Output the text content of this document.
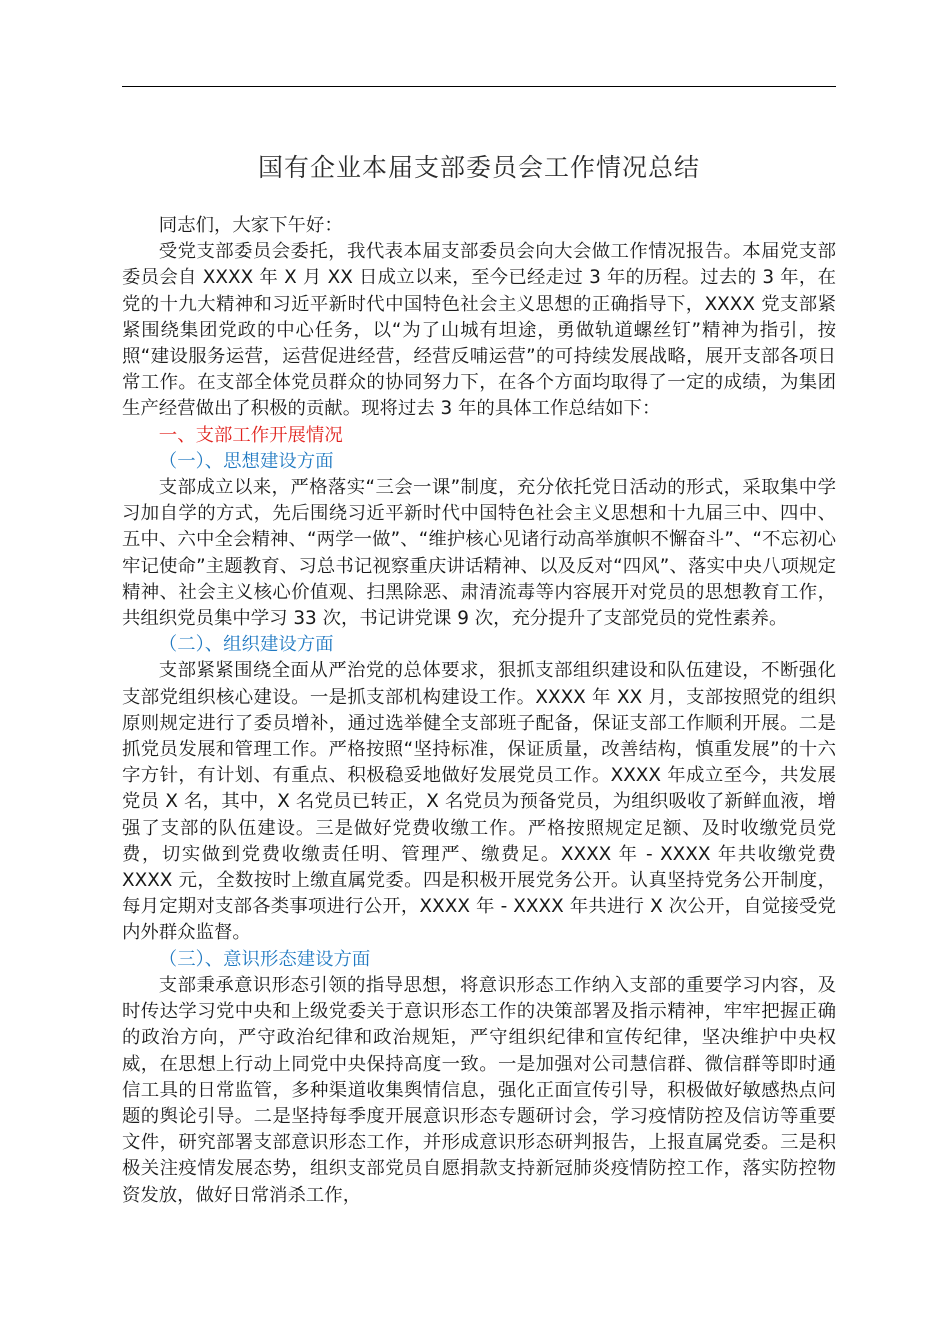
国有企业本届支部委员会工作情况总结

同志们，大家下午好：

受党支部委员会委托，我代表本届支部委员会向大会做工作情况报告。本届党支部委员会自 XXXX 年 X 月 XX 日成立以来，至今已经走过 3 年的历程。过去的 3 年，在党的十九大精神和习近平新时代中国特色社会主义思想的正确指导下，XXXX 党支部紧紧围绕集团党政的中心任务，以“为了山城有坦途，勇做轨道螺丝钉”精神为指引，按照“建设服务运营，运营促进经营，经营反哺运营”的可持续发展战略，展开支部各项日常工作。在支部全体党员群众的协同努力下，在各个方面均取得了一定的成绩，为集团生产经营做出了积极的贡献。现将过去 3 年的具体工作总结如下：

一、支部工作开展情况

（一）、思想建设方面

支部成立以来，严格落实“三会一课”制度，充分依托党日活动的形式，采取集中学习加自学的方式，先后围绕习近平新时代中国特色社会主义思想和十九届三中、四中、五中、六中全会精神、“两学一做”、“维护核心见诸行动高举旗帜不懈奋斗”、“不忘初心牢记使命”主题教育、习总书记视察重庆讲话精神、以及反对“四风”、落实中央八项规定精神、社会主义核心价值观、扫黑除恶、肃清流毒等内容展开对党员的思想教育工作，共组织党员集中学习 33 次，书记讲党课 9 次，充分提升了支部党员的党性素养。

（二）、组织建设方面

支部紧紧围绕全面从严治党的总体要求，狠抓支部组织建设和队伍建设，不断强化支部党组织核心建设。一是抓支部机构建设工作。XXXX 年 XX 月，支部按照党的组织原则规定进行了委员增补，通过选举健全支部班子配备，保证支部工作顺利开展。二是抓党员发展和管理工作。严格按照“坚持标准，保证质量，改善结构，慎重发展”的十六字方针，有计划、有重点、积极稳妥地做好发展党员工作。XXXX 年成立至今，共发展党员 X 名，其中，X 名党员已转正，X 名党员为预备党员，为组织吸收了新鲜血液，增强了支部的队伍建设。三是做好党费收缴工作。严格按照规定足额、及时收缴党员党费，切实做到党费收缴责任明、管理严、缴费足。XXXX 年 - XXXX 年共收缴党费 XXXX 元，全数按时上缴直属党委。四是积极开展党务公开。认真坚持党务公开制度，每月定期对支部各类事项进行公开，XXXX 年 - XXXX 年共进行 X 次公开，自觉接受党内外群众监督。

（三）、意识形态建设方面

支部秉承意识形态引领的指导思想，将意识形态工作纳入支部的重要学习内容，及时传达学习党中央和上级党委关于意识形态工作的决策部署及指示精神，牢牢把握正确的政治方向，严守政治纪律和政治规矩，严守组织纪律和宣传纪律，坚决维护中央权威，在思想上行动上同党中央保持高度一致。一是加强对公司慧信群、微信群等即时通信工具的日常监管，多种渠道收集舆情信息，强化正面宣传引导，积极做好敏感热点问题的舆论引导。二是坚持每季度开展意识形态专题研讨会，学习疫情防控及信访等重要文件，研究部署支部意识形态工作，并形成意识形态研判报告，上报直属党委。三是积极关注疫情发展态势，组织支部党员自愿捐款支持新冠肺炎疫情防控工作，落实防控物资发放，做好日常消杀工作，
